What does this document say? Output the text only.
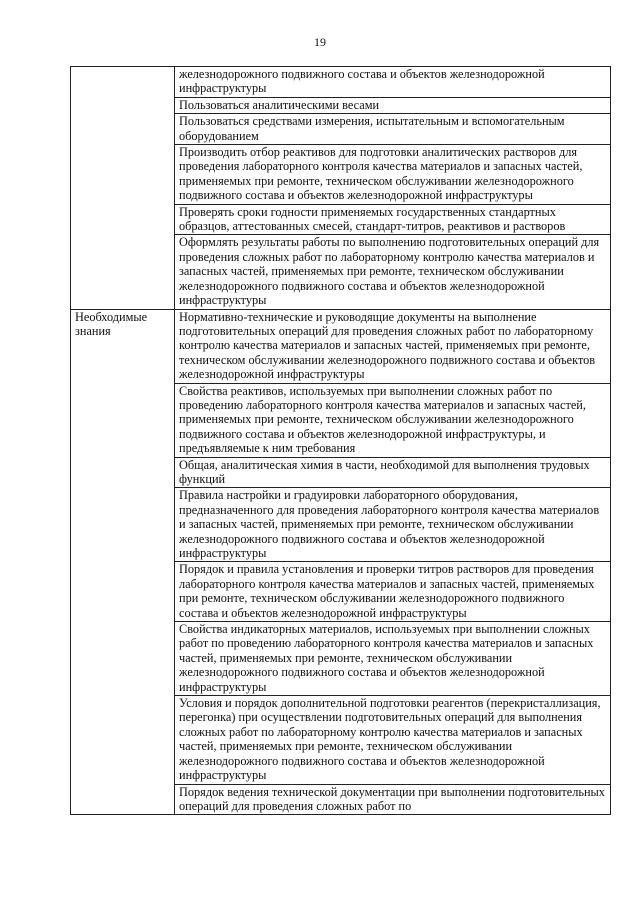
19
	железнодорожного подвижного состава и объектов железнодорожной инфраструктуры
	Пользоваться аналитическими весами
	Пользоваться средствами измерения, испытательным и вспомогательным оборудованием
	Производить отбор реактивов для подготовки аналитических растворов для проведения лабораторного контроля качества материалов и запасных частей, применяемых при ремонте, техническом обслуживании железнодорожного подвижного состава и объектов железнодорожной инфраструктуры
	Проверять сроки годности применяемых государственных стандартных образцов, аттестованных смесей, стандарт-титров, реактивов и растворов
	Оформлять результаты работы по выполнению подготовительных операций для проведения сложных работ по лабораторному контролю качества материалов и запасных частей, применяемых при ремонте, техническом обслуживании железнодорожного подвижного состава и объектов железнодорожной инфраструктуры

Необходимые знания	Нормативно-технические и руководящие документы на выполнение подготовительных операций для проведения сложных работ по лабораторному контролю качества материалов и запасных частей, применяемых при ремонте, техническом обслуживании железнодорожного подвижного состава и объектов железнодорожной инфраструктуры
	Свойства реактивов, используемых при выполнении сложных работ по проведению лабораторного контроля качества материалов и запасных частей, применяемых при ремонте, техническом обслуживании железнодорожного подвижного состава и объектов железнодорожной инфраструктуры, и предъявляемые к ним требования
	Общая, аналитическая химия в части, необходимой для выполнения трудовых функций
	Правила настройки и градуировки лабораторного оборудования, предназначенного для проведения лабораторного контроля качества материалов и запасных частей, применяемых при ремонте, техническом обслуживании железнодорожного подвижного состава и объектов железнодорожной инфраструктуры
	Порядок и правила установления и проверки титров растворов для проведения лабораторного контроля качества материалов и запасных частей, применяемых при ремонте, техническом обслуживании железнодорожного подвижного состава и объектов железнодорожной инфраструктуры
	Свойства индикаторных материалов, используемых при выполнении сложных работ по проведению лабораторного контроля качества материалов и запасных частей, применяемых при ремонте, техническом обслуживании железнодорожного подвижного состава и объектов железнодорожной инфраструктуры
	Условия и порядок дополнительной подготовки реагентов (перекристаллизация, перегонка) при осуществлении подготовительных операций для выполнения сложных работ по лабораторному контролю качества материалов и запасных частей, применяемых при ремонте, техническом обслуживании железнодорожного подвижного состава и объектов железнодорожной инфраструктуры
	Порядок ведения технической документации при выполнении подготовительных операций для проведения сложных работ по
